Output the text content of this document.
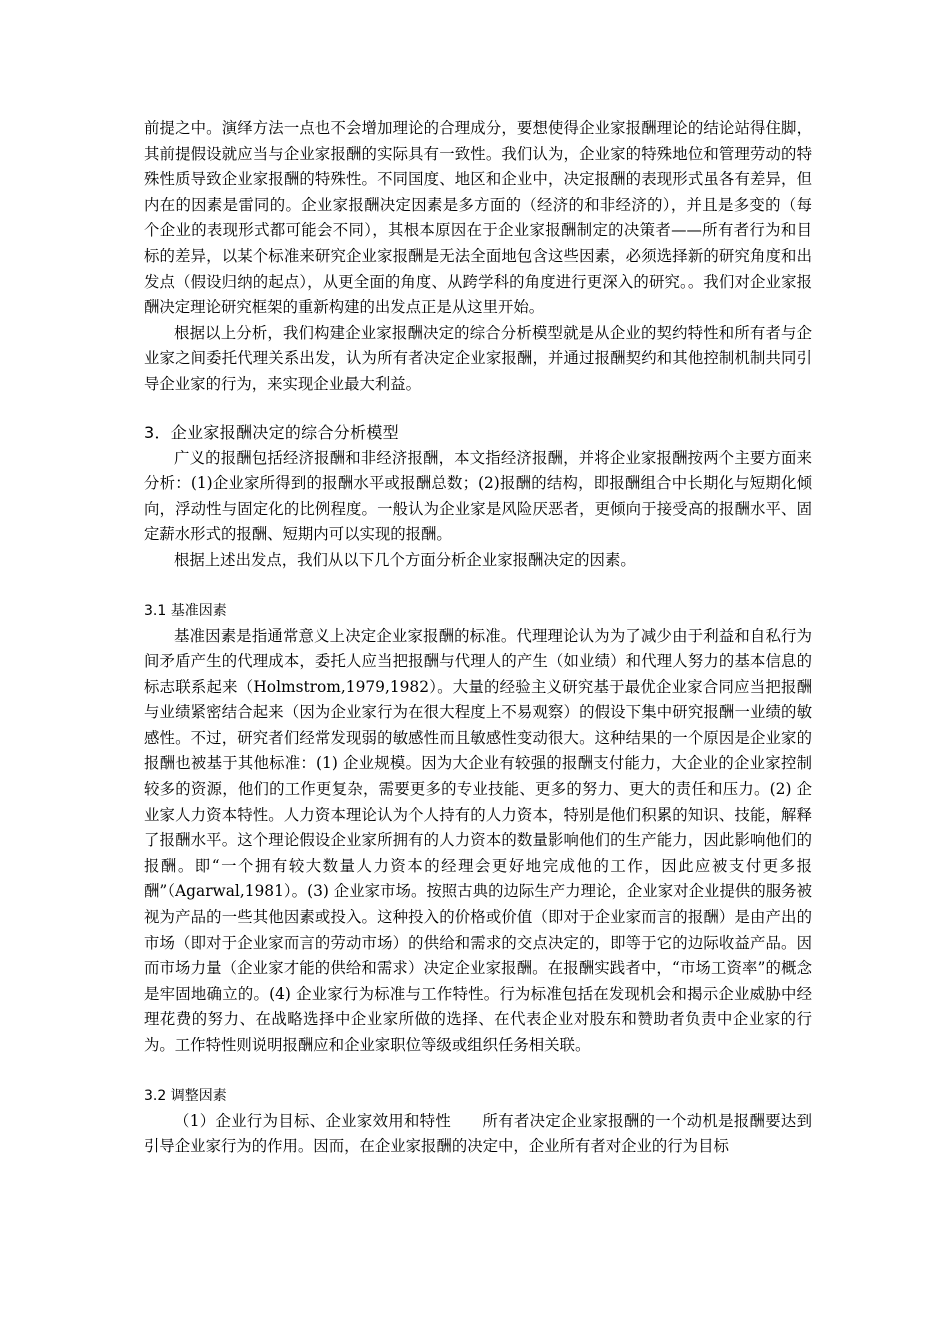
前提之中。演绎方法一点也不会增加理论的合理成分，要想使得企业家报酬理论的结论站得住脚，其前提假设就应当与企业家报酬的实际具有一致性。我们认为，企业家的特殊地位和管理劳动的特殊性质导致企业家报酬的特殊性。不同国度、地区和企业中，决定报酬的表现形式虽各有差异，但内在的因素是雷同的。企业家报酬决定因素是多方面的（经济的和非经济的），并且是多变的（每个企业的表现形式都可能会不同），其根本原因在于企业家报酬制定的决策者——所有者行为和目标的差异，以某个标准来研究企业家报酬是无法全面地包含这些因素，必须选择新的研究角度和出发点（假设归纳的起点），从更全面的角度、从跨学科的角度进行更深入的研究。。我们对企业家报酬决定理论研究框架的重新构建的出发点正是从这里开始。

根据以上分析，我们构建企业家报酬决定的综合分析模型就是从企业的契约特性和所有者与企业家之间委托代理关系出发，认为所有者决定企业家报酬，并通过报酬契约和其他控制机制共同引导企业家的行为，来实现企业最大利益。

3．企业家报酬决定的综合分析模型

广义的报酬包括经济报酬和非经济报酬，本文指经济报酬，并将企业家报酬按两个主要方面来分析：(1)企业家所得到的报酬水平或报酬总数；(2)报酬的结构，即报酬组合中长期化与短期化倾向，浮动性与固定化的比例程度。一般认为企业家是风险厌恶者，更倾向于接受高的报酬水平、固定薪水形式的报酬、短期内可以实现的报酬。

根据上述出发点，我们从以下几个方面分析企业家报酬决定的因素。

3.1 基准因素

基准因素是指通常意义上决定企业家报酬的标准。代理理论认为为了减少由于利益和自私行为间矛盾产生的代理成本，委托人应当把报酬与代理人的产生（如业绩）和代理人努力的基本信息的标志联系起来（Holmstrom,1979,1982）。大量的经验主义研究基于最优企业家合同应当把报酬与业绩紧密结合起来（因为企业家行为在很大程度上不易观察）的假设下集中研究报酬一业绩的敏感性。不过，研究者们经常发现弱的敏感性而且敏感性变动很大。这种结果的一个原因是企业家的报酬也被基于其他标准：(1) 企业规模。因为大企业有较强的报酬支付能力，大企业的企业家控制较多的资源，他们的工作更复杂，需要更多的专业技能、更多的努力、更大的责任和压力。(2) 企业家人力资本特性。人力资本理论认为个人持有的人力资本，特别是他们积累的知识、技能，解释了报酬水平。这个理论假设企业家所拥有的人力资本的数量影响他们的生产能力，因此影响他们的报酬。即“一个拥有较大数量人力资本的经理会更好地完成他的工作，因此应被支付更多报酬”（Agarwal,1981）。(3) 企业家市场。按照古典的边际生产力理论，企业家对企业提供的服务被视为产品的一些其他因素或投入。这种投入的价格或价值（即对于企业家而言的报酬）是由产出的市场（即对于企业家而言的劳动市场）的供给和需求的交点决定的，即等于它的边际收益产品。因而市场力量（企业家才能的供给和需求）决定企业家报酬。在报酬实践者中，“市场工资率”的概念是牢固地确立的。(4) 企业家行为标准与工作特性。行为标准包括在发现机会和揭示企业威胁中经理花费的努力、在战略选择中企业家所做的选择、在代表企业对股东和赞助者负责中企业家的行为。工作特性则说明报酬应和企业家职位等级或组织任务相关联。

3.2 调整因素

（1）企业行为目标、企业家效用和特性　　所有者决定企业家报酬的一个动机是报酬要达到引导企业家行为的作用。因而，在企业家报酬的决定中，企业所有者对企业的行为目标
